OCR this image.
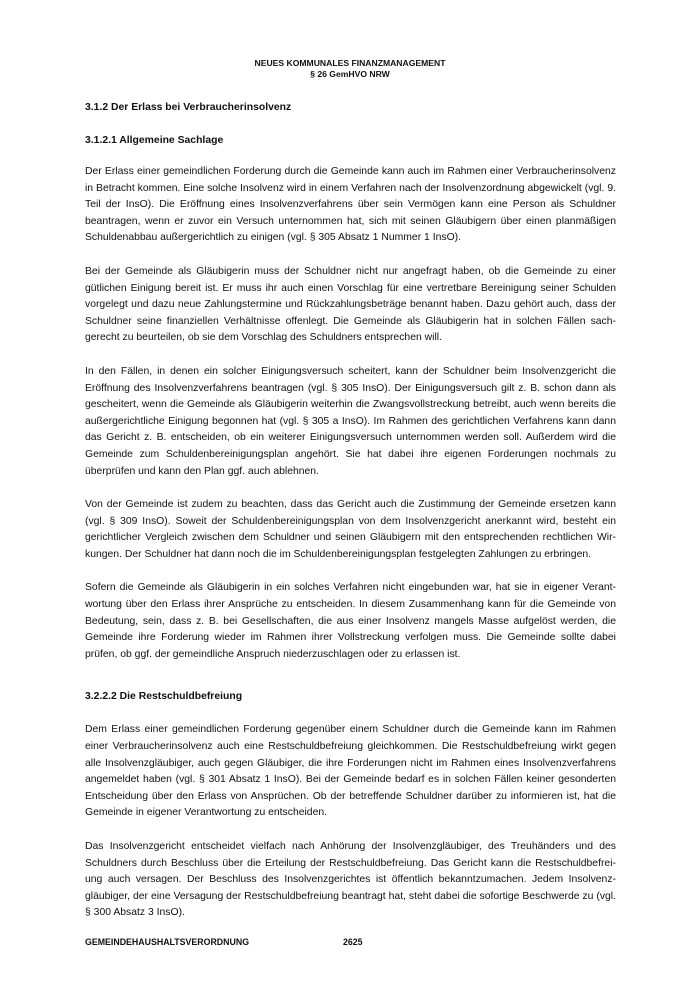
NEUES KOMMUNALES FINANZMANAGEMENT
§ 26 GemHVO NRW
3.1.2 Der Erlass bei Verbraucherinsolvenz
3.1.2.1 Allgemeine Sachlage

Der Erlass einer gemeindlichen Forderung durch die Gemeinde kann auch im Rahmen einer Verbraucherinsolvenz in Betracht kommen. Eine solche Insolvenz wird in einem Verfahren nach der Insolvenzordnung abgewickelt (vgl. 9. Teil der InsO). Die Eröffnung eines Insolvenzverfahrens über sein Vermögen kann eine Person als Schuldner beantragen, wenn er zuvor ein Versuch unternommen hat, sich mit seinen Gläubigern über einen planmäßigen Schuldenabbau außergerichtlich zu einigen (vgl. § 305 Absatz 1 Nummer 1 InsO).

Bei der Gemeinde als Gläubigerin muss der Schuldner nicht nur angefragt haben, ob die Gemeinde zu einer gütlichen Einigung bereit ist. Er muss ihr auch einen Vorschlag für eine vertretbare Bereinigung seiner Schulden vorgelegt und dazu neue Zahlungstermine und Rückzahlungsbeträge benannt haben. Dazu gehört auch, dass der Schuldner seine finanziellen Verhältnisse offenlegt. Die Gemeinde als Gläubigerin hat in solchen Fällen sachgerecht zu beurteilen, ob sie dem Vorschlag des Schuldners entsprechen will.

In den Fällen, in denen ein solcher Einigungsversuch scheitert, kann der Schuldner beim Insolvenzgericht die Eröffnung des Insolvenzverfahrens beantragen (vgl. § 305 InsO). Der Einigungsversuch gilt z. B. schon dann als gescheitert, wenn die Gemeinde als Gläubigerin weiterhin die Zwangsvollstreckung betreibt, auch wenn bereits die außergerichtliche Einigung begonnen hat (vgl. § 305 a InsO). Im Rahmen des gerichtlichen Verfahrens kann dann das Gericht z. B. entscheiden, ob ein weiterer Einigungsversuch unternommen werden soll. Außerdem wird die Gemeinde zum Schuldenbereinigungsplan angehört. Sie hat dabei ihre eigenen Forderungen nochmals zu überprüfen und kann den Plan ggf. auch ablehnen.

Von der Gemeinde ist zudem zu beachten, dass das Gericht auch die Zustimmung der Gemeinde ersetzen kann (vgl. § 309 InsO). Soweit der Schuldenbereinigungsplan von dem Insolvenzgericht anerkannt wird, besteht ein gerichtlicher Vergleich zwischen dem Schuldner und seinen Gläubigern mit den entsprechenden rechtlichen Wirkungen. Der Schuldner hat dann noch die im Schuldenbereinigungsplan festgelegten Zahlungen zu erbringen.

Sofern die Gemeinde als Gläubigerin in ein solches Verfahren nicht eingebunden war, hat sie in eigener Verantwortung über den Erlass ihrer Ansprüche zu entscheiden. In diesem Zusammenhang kann für die Gemeinde von Bedeutung, sein, dass z. B. bei Gesellschaften, die aus einer Insolvenz mangels Masse aufgelöst werden, die Gemeinde ihre Forderung wieder im Rahmen ihrer Vollstreckung verfolgen muss. Die Gemeinde sollte dabei prüfen, ob ggf. der gemeindliche Anspruch niederzuschlagen oder zu erlassen ist.

3.2.2.2 Die Restschuldbefreiung

Dem Erlass einer gemeindlichen Forderung gegenüber einem Schuldner durch die Gemeinde kann im Rahmen einer Verbraucherinsolvenz auch eine Restschuldbefreiung gleichkommen. Die Restschuldbefreiung wirkt gegen alle Insolvenzgläubiger, auch gegen Gläubiger, die ihre Forderungen nicht im Rahmen eines Insolvenzverfahrens angemeldet haben (vgl. § 301 Absatz 1 InsO). Bei der Gemeinde bedarf es in solchen Fällen keiner gesonderten Entscheidung über den Erlass von Ansprüchen. Ob der betreffende Schuldner darüber zu informieren ist, hat die Gemeinde in eigener Verantwortung zu entscheiden.

Das Insolvenzgericht entscheidet vielfach nach Anhörung der Insolvenzgläubiger, des Treuhänders und des Schuldners durch Beschluss über die Erteilung der Restschuldbefreiung. Das Gericht kann die Restschuldbefreiung auch versagen. Der Beschluss des Insolvenzgerichtes ist öffentlich bekanntzumachen. Jedem Insolvenzgläubiger, der eine Versagung der Restschuldbefreiung beantragt hat, steht dabei die sofortige Beschwerde zu (vgl. § 300 Absatz 3 InsO).

GEMEINDEHAUSHALTSVERORDNUNG	2625
